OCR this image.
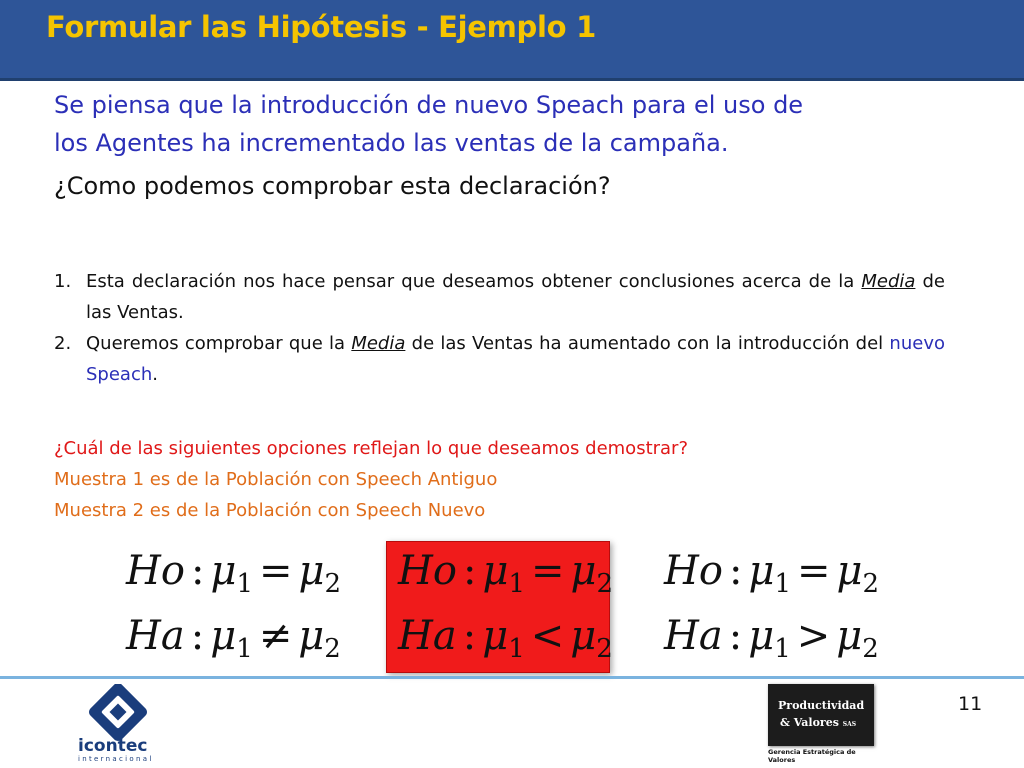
Formular las Hipótesis - Ejemplo 1
Se piensa que la introducción de nuevo Speach para el uso de
los Agentes ha incrementado las ventas de la campaña.
¿Como podemos comprobar esta declaración?
1. Esta declaración nos hace pensar que deseamos obtener conclusiones acerca de la Media de las Ventas.
2. Queremos comprobar que la Media de las Ventas ha aumentado con la introducción del nuevo Speach.
¿Cuál de las siguientes opciones reflejan lo que deseamos demostrar?
Muestra 1 es de la Población con Speech Antiguo
Muestra 2 es de la Población con Speech Nuevo
Ho : $\mu_1 = \mu_2$
Ha : $\mu_1 \ne \mu_2$
Ho : $\mu_1 = \mu_2$
Ha : $\mu_1 < \mu_2$
Ho : $\mu_1 = \mu_2$
Ha : $\mu_1 > \mu_2$
icontec
internacional
Productividad
& Valores SAS
Gerencia Estratégica de Valores
11
